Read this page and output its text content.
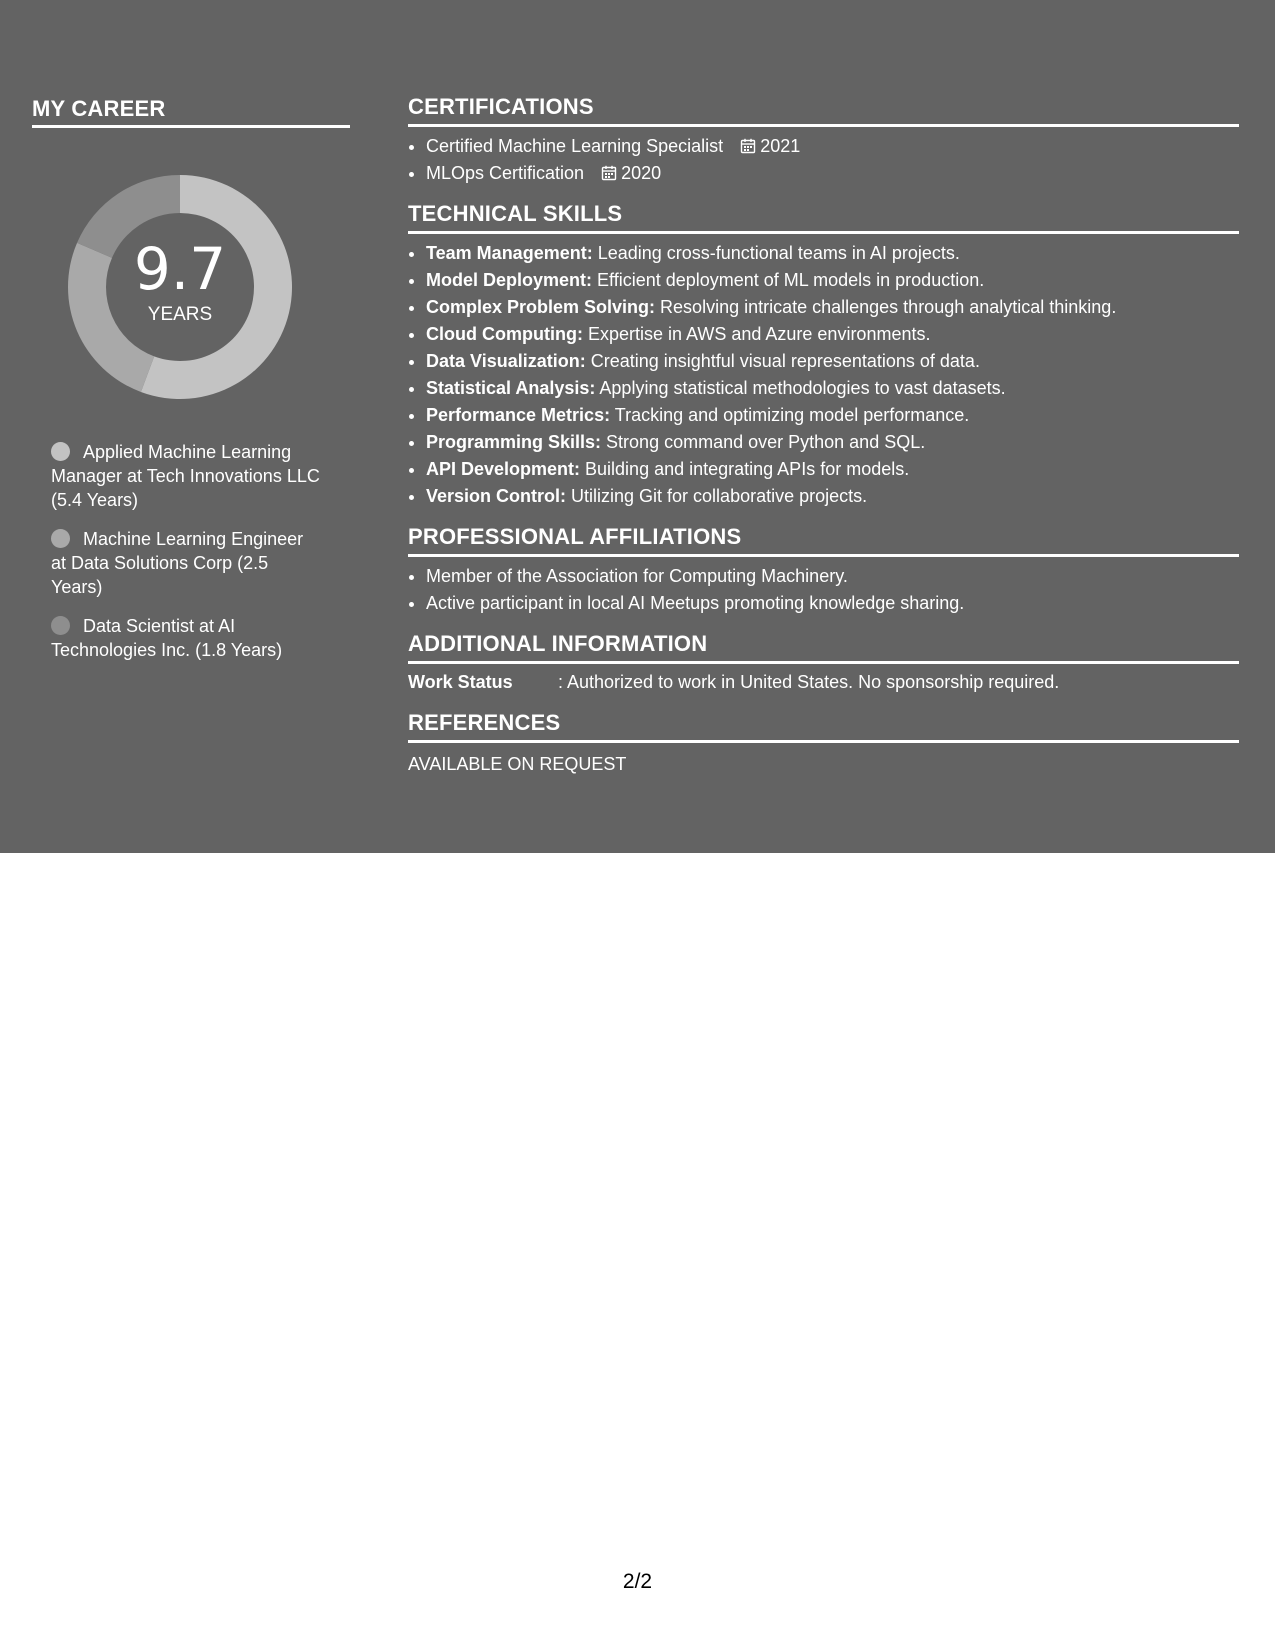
MY CAREER
9.7
YEARS
Applied Machine Learning Manager at Tech Innovations LLC (5.4 Years)
Machine Learning Engineer at Data Solutions Corp (2.5 Years)
Data Scientist at AI Technologies Inc. (1.8 Years)
CERTIFICATIONS
• Certified Machine Learning Specialist 2021
• MLOps Certification 2020
TECHNICAL SKILLS
• Team Management: Leading cross-functional teams in AI projects.
• Model Deployment: Efficient deployment of ML models in production.
• Complex Problem Solving: Resolving intricate challenges through analytical thinking.
• Cloud Computing: Expertise in AWS and Azure environments.
• Data Visualization: Creating insightful visual representations of data.
• Statistical Analysis: Applying statistical methodologies to vast datasets.
• Performance Metrics: Tracking and optimizing model performance.
• Programming Skills: Strong command over Python and SQL.
• API Development: Building and integrating APIs for models.
• Version Control: Utilizing Git for collaborative projects.
PROFESSIONAL AFFILIATIONS
• Member of the Association for Computing Machinery.
• Active participant in local AI Meetups promoting knowledge sharing.
ADDITIONAL INFORMATION
Work Status	: Authorized to work in United States. No sponsorship required.
REFERENCES
AVAILABLE ON REQUEST
2/2
